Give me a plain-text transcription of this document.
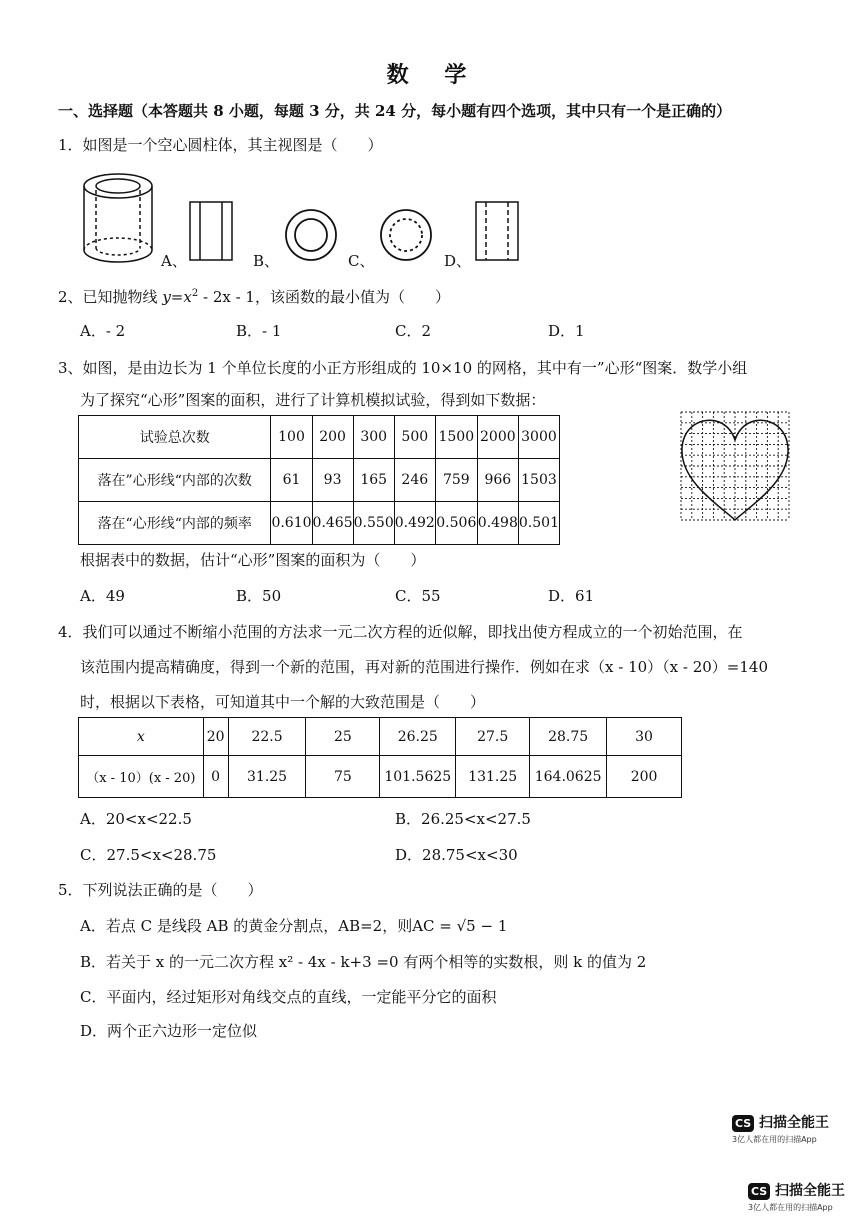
数 学
一、选择题（本答题共 8 小题，每题 3 分，共 24 分，每小题有四个选项，其中只有一个是正确的）
1．如图是一个空心圆柱体，其主视图是（　　）
A、	B、	C、	D、
2、已知抛物线 $y=x^2 - 2x - 1$，该函数的最小值为（　　）
A．- 2	B．- 1	C．2	D．1
3、如图，是由边长为 1 个单位长度的小正方形组成的 10×10 的网格，其中有一”心形“图案．数学小组
为了探究“心形”图案的面积，进行了计算机模拟试验，得到如下数据：
试验总次数	100	200	300	500	1500	2000	3000
落在”心形线“内部的次数	61	93	165	246	759	966	1503
落在“心形线“内部的频率	0.610	0.465	0.550	0.492	0.506	0.498	0.501
根据表中的数据，估计“心形”图案的面积为（　　）
A．49	B．50	C．55	D．61
4．我们可以通过不断缩小范围的方法求一元二次方程的近似解，即找出使方程成立的一个初始范围，在
该范围内提高精确度，得到一个新的范围，再对新的范围进行操作．例如在求（x - 10）（x - 20）=140
时，根据以下表格，可知道其中一个解的大致范围是（　　）
x	20	22.5	25	26.25	27.5	28.75	30
（x - 10）(x - 20)	0	31.25	75	101.5625	131.25	164.0625	200
A．20<x<22.5	B．26.25<x<27.5
C．27.5<x<28.75	D．28.75<x<30
5．下列说法正确的是（　　）
A．若点 C 是线段 AB 的黄金分割点，AB=2，则AC = √5 − 1
B．若关于 x 的一元二次方程 x² - 4x - k+3 =0 有两个相等的实数根，则 k 的值为 2
C．平面内，经过矩形对角线交点的直线，一定能平分它的面积
D．两个正六边形一定位似
CS 扫描全能王
3亿人都在用的扫描App
CS 扫描全能王
3亿人都在用的扫描App
